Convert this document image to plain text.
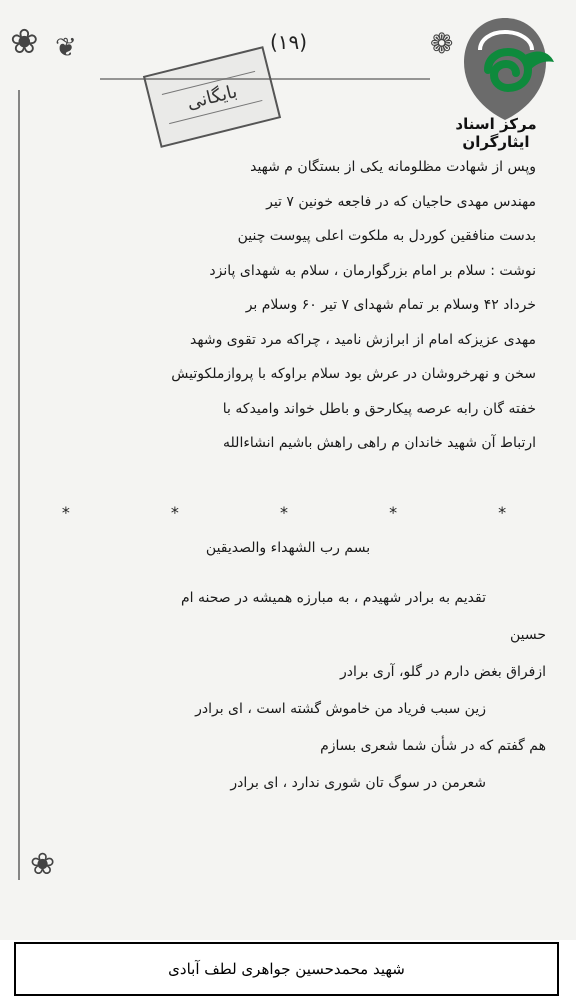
❀ ❦	❁
❀
(۱۹)
بایگانی
مرکز اسناد ایثارگران
وپس از شهادت مظلومانه یکی از بستگان م شهید
مهندس مهدی حاجیان که در فاجعه خونین ۷ تیر
بدست منافقین کوردل به ملکوت اعلی پیوست چنین
نوشت : سلام بر امام بزرگوارمان ، سلام به شهدای پانزد
خرداد ۴۲ وسلام بر تمام شهدای ۷ تیر ۶۰ وسلام بر
مهدی عزیزکه امام از ابرازش نامید ، چراکه مرد تقوی وشهد
سخن و نهرخروشان در عرش بود سلام براوکه با پروازملکوتیش
خفته گان رابه عرصه پیکارحق و باطل خواند وامیدکه با
ارتباط آن شهید خاندان م راهی راهش باشیم انشاءالله
* * * * *
بسم رب الشهداء والصدیقین
تقدیم به برادر شهیدم ، به مبارزه همیشه در صحنه ام
حسین
ازفراق بغض دارم در گلو، آری برادر
زین سبب فریاد من خاموش گشته است ، ای برادر
هم گفتم که در شأن شما شعری بسازم
شعرمن در سوگ تان شوری ندارد ، ای برادر
شهید محمدحسین جواهری لطف آبادی
